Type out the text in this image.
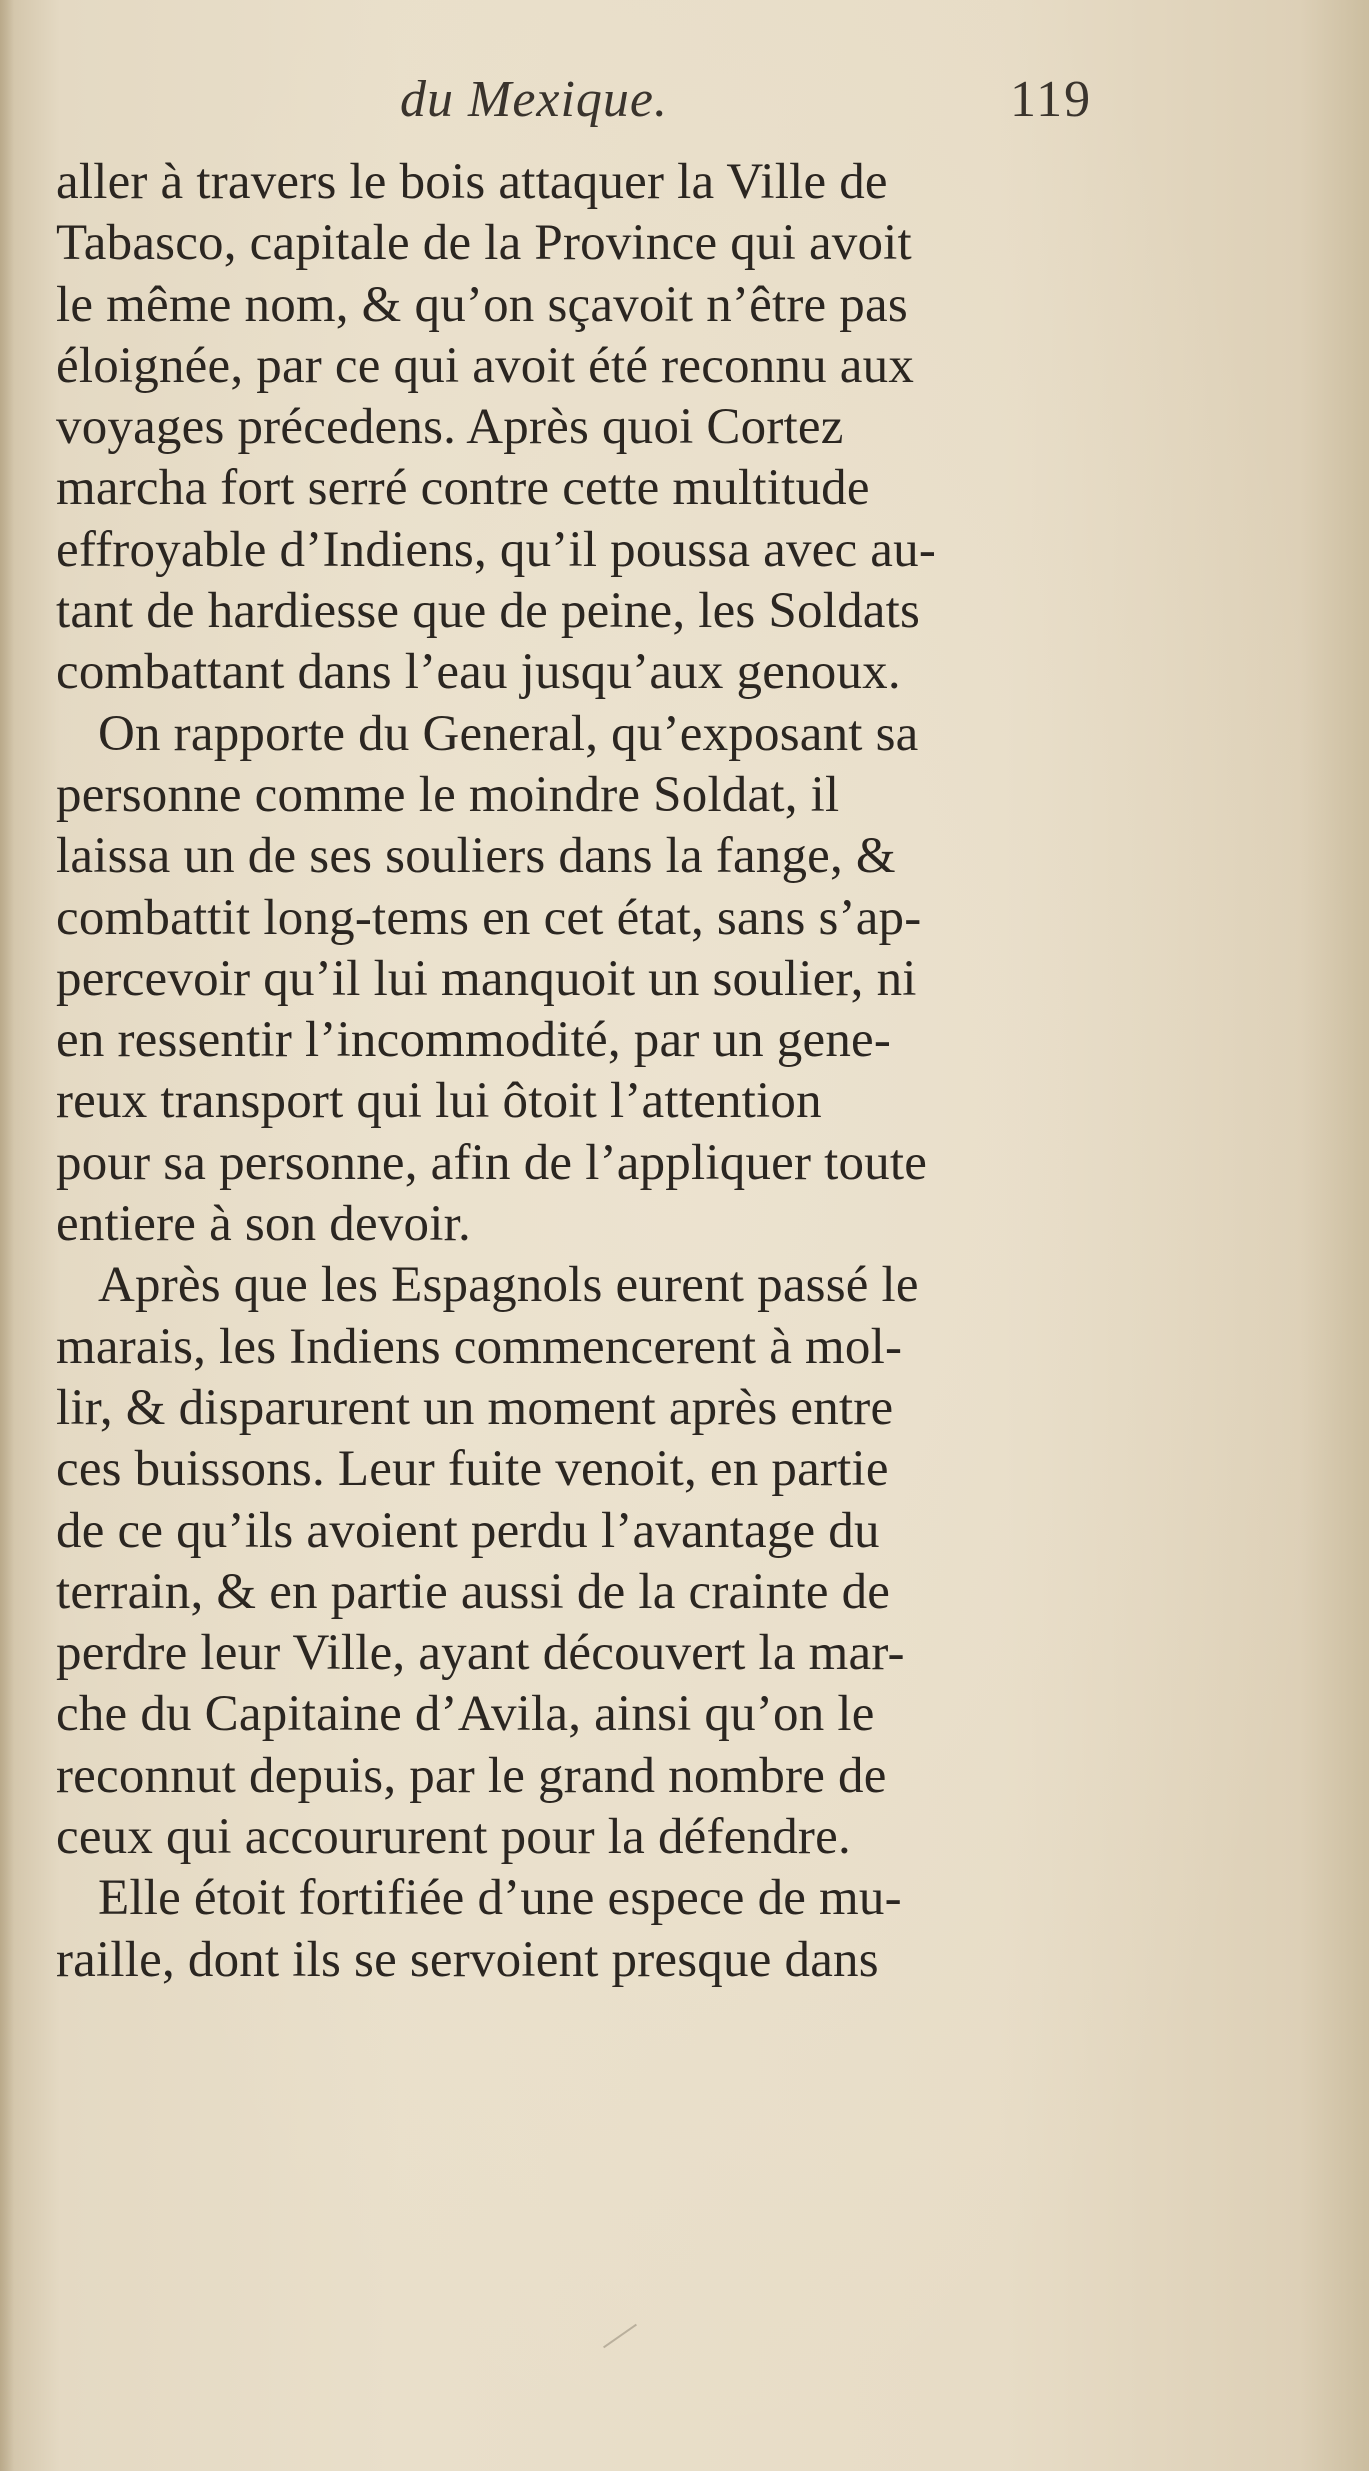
du Mexique.	119
aller à travers le bois attaquer la Ville de
Tabasco, capitale de la Province qui avoit
le même nom, & qu’on sçavoit n’être pas
éloignée, par ce qui avoit été reconnu aux
voyages précedens. Après quoi Cortez
marcha fort serré contre cette multitude
effroyable d’Indiens, qu’il poussa avec au-
tant de hardiesse que de peine, les Soldats
combattant dans l’eau jusqu’aux genoux.
On rapporte du General, qu’exposant sa
personne comme le moindre Soldat, il
laissa un de ses souliers dans la fange, &
combattit long-tems en cet état, sans s’ap-
percevoir qu’il lui manquoit un soulier, ni
en ressentir l’incommodité, par un gene-
reux transport qui lui ôtoit l’attention
pour sa personne, afin de l’appliquer toute
entiere à son devoir.
Après que les Espagnols eurent passé le
marais, les Indiens commencerent à mol-
lir, & disparurent un moment après entre
ces buissons. Leur fuite venoit, en partie
de ce qu’ils avoient perdu l’avantage du
terrain, & en partie aussi de la crainte de
perdre leur Ville, ayant découvert la mar-
che du Capitaine d’Avila, ainsi qu’on le
reconnut depuis, par le grand nombre de
ceux qui accoururent pour la défendre.
Elle étoit fortifiée d’une espece de mu-
raille, dont ils se servoient presque dans
